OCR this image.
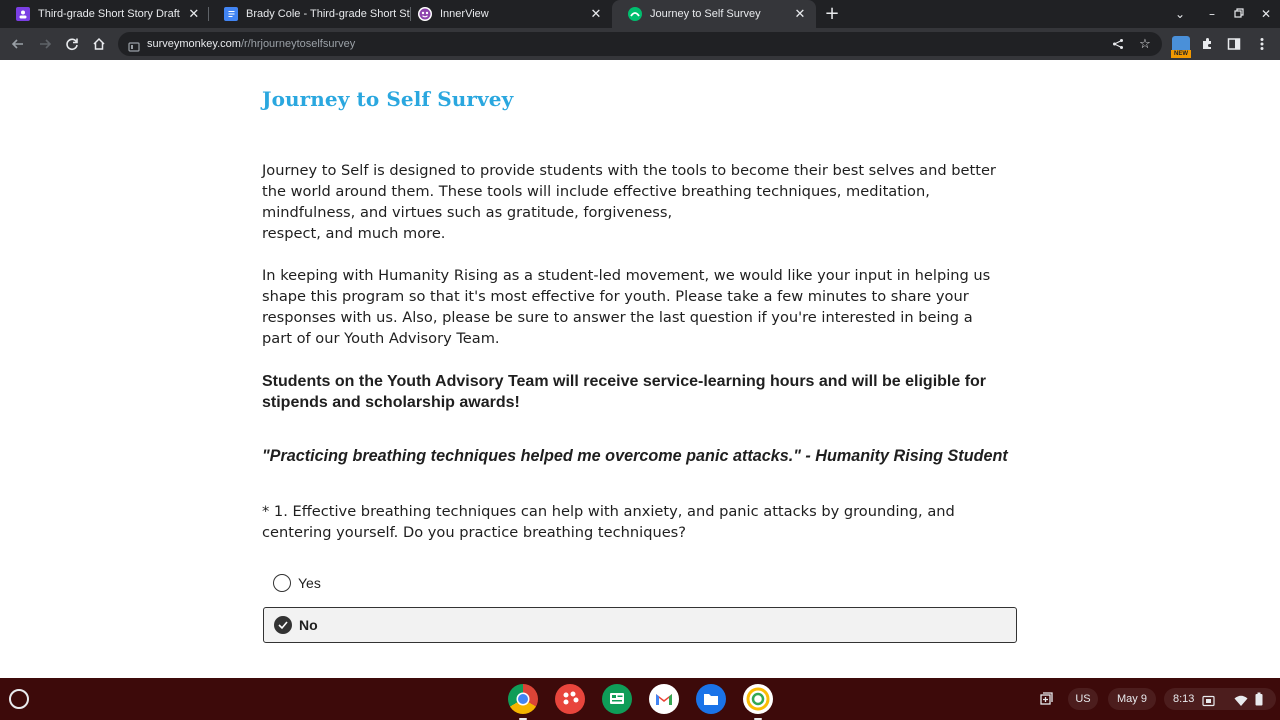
Third-grade Short Story Draft ✕	Brady Cole - Third-grade Short St	InnerView	✕	Journey to Self Survey	✕ +	⌄	–	✕
surveymonkey.com/r/hrjourneytoselfsurvey	☆
NEW
Journey to Self Survey
Journey to Self is designed to provide students with the tools to become their best selves and better
the world around them. These tools will include effective breathing techniques, meditation,
mindfulness, and virtues such as gratitude, forgiveness,
respect, and much more.
In keeping with Humanity Rising as a student-led movement, we would like your input in helping us
shape this program so that it's most effective for youth. Please take a few minutes to share your
responses with us. Also, please be sure to answer the last question if you're interested in being a
part of our Youth Advisory Team.
Students on the Youth Advisory Team will receive service-learning hours and will be eligible for
stipends and scholarship awards!
"Practicing breathing techniques helped me overcome panic attacks." - Humanity Rising Student
* 1. Effective breathing techniques can help with anxiety, and panic attacks by grounding, and
centering yourself. Do you practice breathing techniques?
Yes
No
US	May 9	8:13
